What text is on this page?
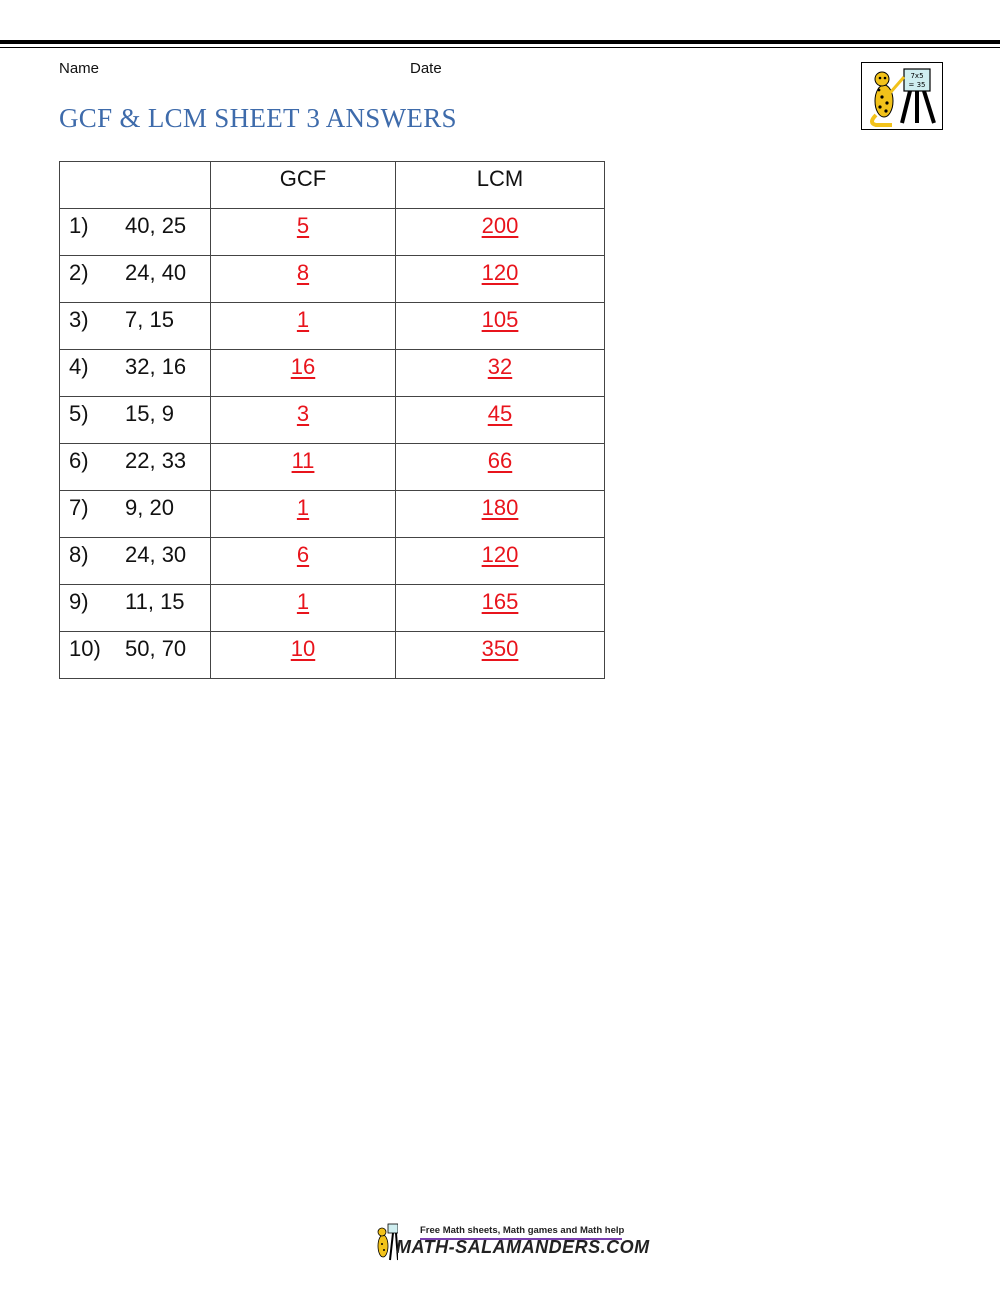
Name	Date
GCF & LCM SHEET 3 ANSWERS
7x5
= 35
	GCF	LCM
1) 40, 25	5	200
2) 24, 40	8	120
3) 7, 15	1	105
4) 32, 16	16	32
5) 15, 9	3	45
6) 22, 33	11	66
7) 9, 20	1	180
8) 24, 30	6	120
9) 11, 15	1	165
10) 50, 70	10	350
Free Math sheets, Math games and Math help
MATH-SALAMANDERS.COM
